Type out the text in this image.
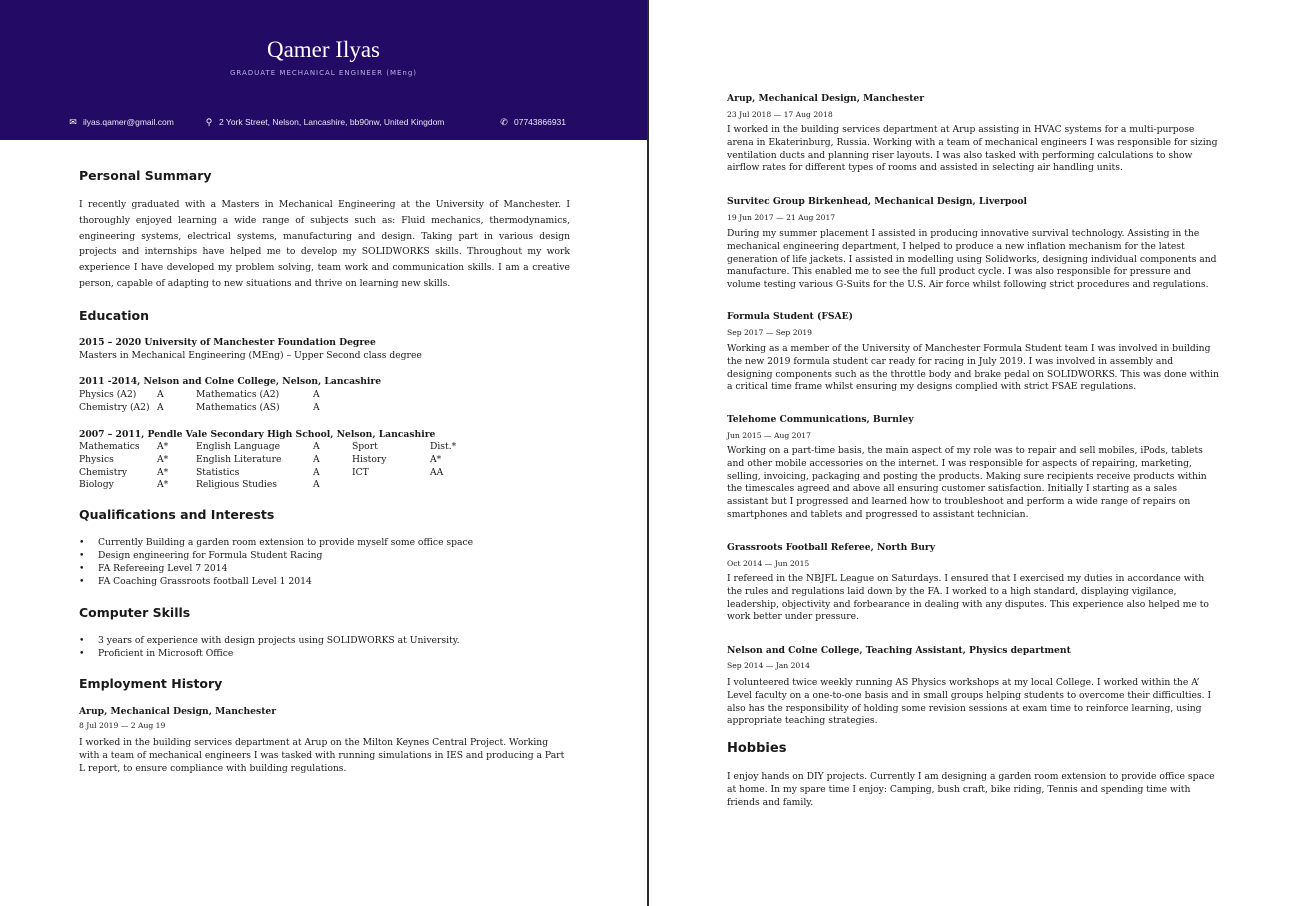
Qamer Ilyas
GRADUATE MECHANICAL ENGINEER (MEng)
✉ ilyas.qamer@gmail.com	⚲ 2 York Street, Nelson, Lancashire, bb90nw, United Kingdom	✆ 07743866931
Personal Summary
I recently graduated with a Masters in Mechanical Engineering at the University of Manchester. I thoroughly enjoyed learning a wide range of subjects such as: Fluid mechanics, thermodynamics, engineering systems, electrical systems, manufacturing and design. Taking part in various design projects and internships have helped me to develop my SOLIDWORKS skills. Throughout my work experience I have developed my problem solving, team work and communication skills. I am a creative person, capable of adapting to new situations and thrive on learning new skills.
Education
2015 – 2020 University of Manchester Foundation Degree
Masters in Mechanical Engineering (MEng) – Upper Second class degree
2011 -2014, Nelson and Colne College, Nelson, Lancashire
Physics (A2) A	Mathematics (A2)	A
Chemistry (A2) A	Mathematics (AS)	A
2007 – 2011, Pendle Vale Secondary High School, Nelson, Lancashire
Mathematics A*	English Language	A	Sport	Dist.*
Physics	A*	English Literature	A	History	A*
Chemistry	A*	Statistics	A	ICT	AA
Biology	A*	Religious Studies	A
Qualifications and Interests
• Currently Building a garden room extension to provide myself some office space
• Design engineering for Formula Student Racing
• FA Refereeing Level 7 2014
• FA Coaching Grassroots football Level 1 2014
Computer Skills
• 3 years of experience with design projects using SOLIDWORKS at University.
• Proficient in Microsoft Office
Employment History
Arup, Mechanical Design, Manchester
8 Jul 2019 — 2 Aug 19
I worked in the building services department at Arup on the Milton Keynes Central Project. Working with a team of mechanical engineers I was tasked with running simulations in IES and producing a Part L report, to ensure compliance with building regulations.
Arup, Mechanical Design, Manchester
23 Jul 2018 — 17 Aug 2018
I worked in the building services department at Arup assisting in HVAC systems for a multi-purpose arena in Ekaterinburg, Russia. Working with a team of mechanical engineers I was responsible for sizing ventilation ducts and planning riser layouts. I was also tasked with performing calculations to show airflow rates for different types of rooms and assisted in selecting air handling units.
Survitec Group Birkenhead, Mechanical Design, Liverpool
19 Jun 2017 — 21 Aug 2017
During my summer placement I assisted in producing innovative survival technology. Assisting in the mechanical engineering department, I helped to produce a new inflation mechanism for the latest generation of life jackets. I assisted in modelling using Solidworks, designing individual components and manufacture. This enabled me to see the full product cycle. I was also responsible for pressure and volume testing various G-Suits for the U.S. Air force whilst following strict procedures and regulations.
Formula Student (FSAE)
Sep 2017 — Sep 2019
Working as a member of the University of Manchester Formula Student team I was involved in building the new 2019 formula student car ready for racing in July 2019. I was involved in assembly and designing components such as the throttle body and brake pedal on SOLIDWORKS. This was done within a critical time frame whilst ensuring my designs complied with strict FSAE regulations.
Telehome Communications, Burnley
Jun 2015 — Aug 2017
Working on a part-time basis, the main aspect of my role was to repair and sell mobiles, iPods, tablets and other mobile accessories on the internet. I was responsible for aspects of repairing, marketing, selling, invoicing, packaging and posting the products. Making sure recipients receive products within the timescales agreed and above all ensuring customer satisfaction. Initially I starting as a sales assistant but I progressed and learned how to troubleshoot and perform a wide range of repairs on smartphones and tablets and progressed to assistant technician.
Grassroots Football Referee, North Bury
Oct 2014 — Jun 2015
I refereed in the NBJFL League on Saturdays. I ensured that I exercised my duties in accordance with the rules and regulations laid down by the FA. I worked to a high standard, displaying vigilance, leadership, objectivity and forbearance in dealing with any disputes. This experience also helped me to work better under pressure.
Nelson and Colne College, Teaching Assistant, Physics department
Sep 2014 — Jan 2014
I volunteered twice weekly running AS Physics workshops at my local College. I worked within the A’ Level faculty on a one-to-one basis and in small groups helping students to overcome their difficulties. I also has the responsibility of holding some revision sessions at exam time to reinforce learning, using appropriate teaching strategies.
Hobbies
I enjoy hands on DIY projects. Currently I am designing a garden room extension to provide office space at home. In my spare time I enjoy: Camping, bush craft, bike riding, Tennis and spending time with friends and family.
